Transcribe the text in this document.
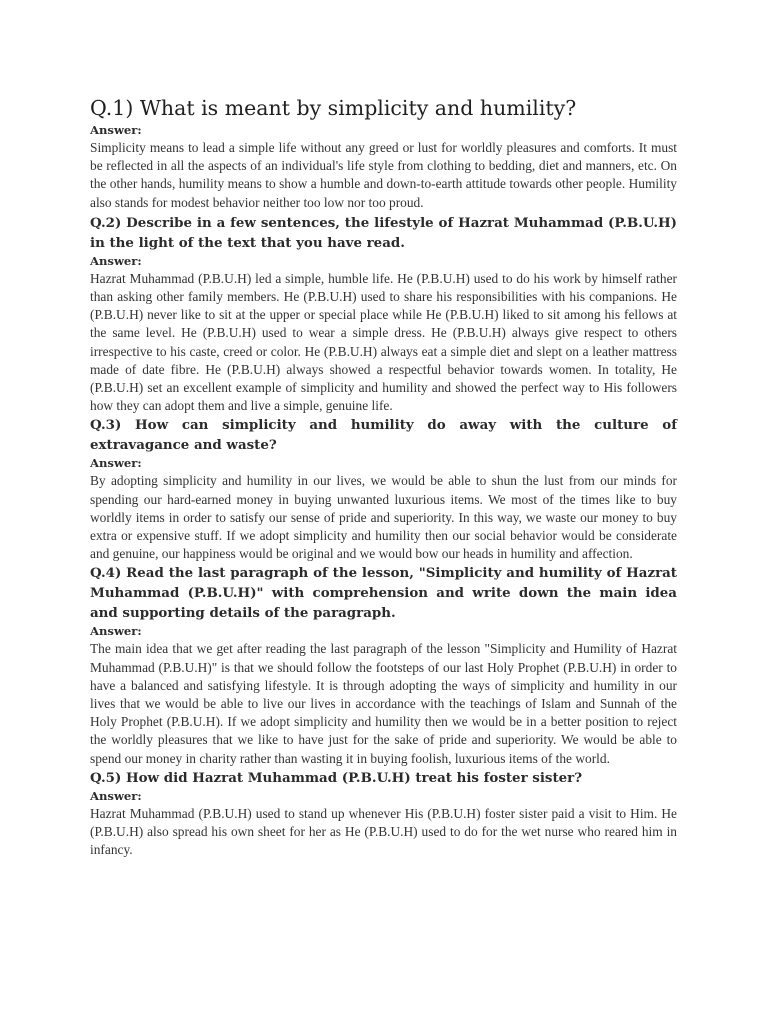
Q.1) What is meant by simplicity and humility?

Answer:

Simplicity means to lead a simple life without any greed or lust for worldly pleasures and comforts. It must be reflected in all the aspects of an individual's life style from clothing to bedding, diet and manners, etc. On the other hands, humility means to show a humble and down-to-earth attitude towards other people. Humility also stands for modest behavior neither too low nor too proud.

Q.2) Describe in a few sentences, the lifestyle of Hazrat Muhammad (P.B.U.H) in the light of the text that you have read.

Answer:

Hazrat Muhammad (P.B.U.H) led a simple, humble life. He (P.B.U.H) used to do his work by himself rather than asking other family members. He (P.B.U.H) used to share his responsibilities with his companions. He (P.B.U.H) never like to sit at the upper or special place while He (P.B.U.H) liked to sit among his fellows at the same level. He (P.B.U.H) used to wear a simple dress. He (P.B.U.H) always give respect to others irrespective to his caste, creed or color. He (P.B.U.H) always eat a simple diet and slept on a leather mattress made of date fibre. He (P.B.U.H) always showed a respectful behavior towards women. In totality, He (P.B.U.H) set an excellent example of simplicity and humility and showed the perfect way to His followers how they can adopt them and live a simple, genuine life.

Q.3) How can simplicity and humility do away with the culture of extravagance and waste?

Answer:

By adopting simplicity and humility in our lives, we would be able to shun the lust from our minds for spending our hard-earned money in buying unwanted luxurious items. We most of the times like to buy worldly items in order to satisfy our sense of pride and superiority. In this way, we waste our money to buy extra or expensive stuff. If we adopt simplicity and humility then our social behavior would be considerate and genuine, our happiness would be original and we would bow our heads in humility and affection.

Q.4) Read the last paragraph of the lesson, "Simplicity and humility of Hazrat Muhammad (P.B.U.H)" with comprehension and write down the main idea and supporting details of the paragraph.

Answer:

The main idea that we get after reading the last paragraph of the lesson "Simplicity and Humility of Hazrat Muhammad (P.B.U.H)" is that we should follow the footsteps of our last Holy Prophet (P.B.U.H) in order to have a balanced and satisfying lifestyle. It is through adopting the ways of simplicity and humility in our lives that we would be able to live our lives in accordance with the teachings of Islam and Sunnah of the Holy Prophet (P.B.U.H). If we adopt simplicity and humility then we would be in a better position to reject the worldly pleasures that we like to have just for the sake of pride and superiority. We would be able to spend our money in charity rather than wasting it in buying foolish, luxurious items of the world.

Q.5) How did Hazrat Muhammad (P.B.U.H) treat his foster sister?

Answer:

Hazrat Muhammad (P.B.U.H) used to stand up whenever His (P.B.U.H) foster sister paid a visit to Him. He (P.B.U.H) also spread his own sheet for her as He (P.B.U.H) used to do for the wet nurse who reared him in infancy.
